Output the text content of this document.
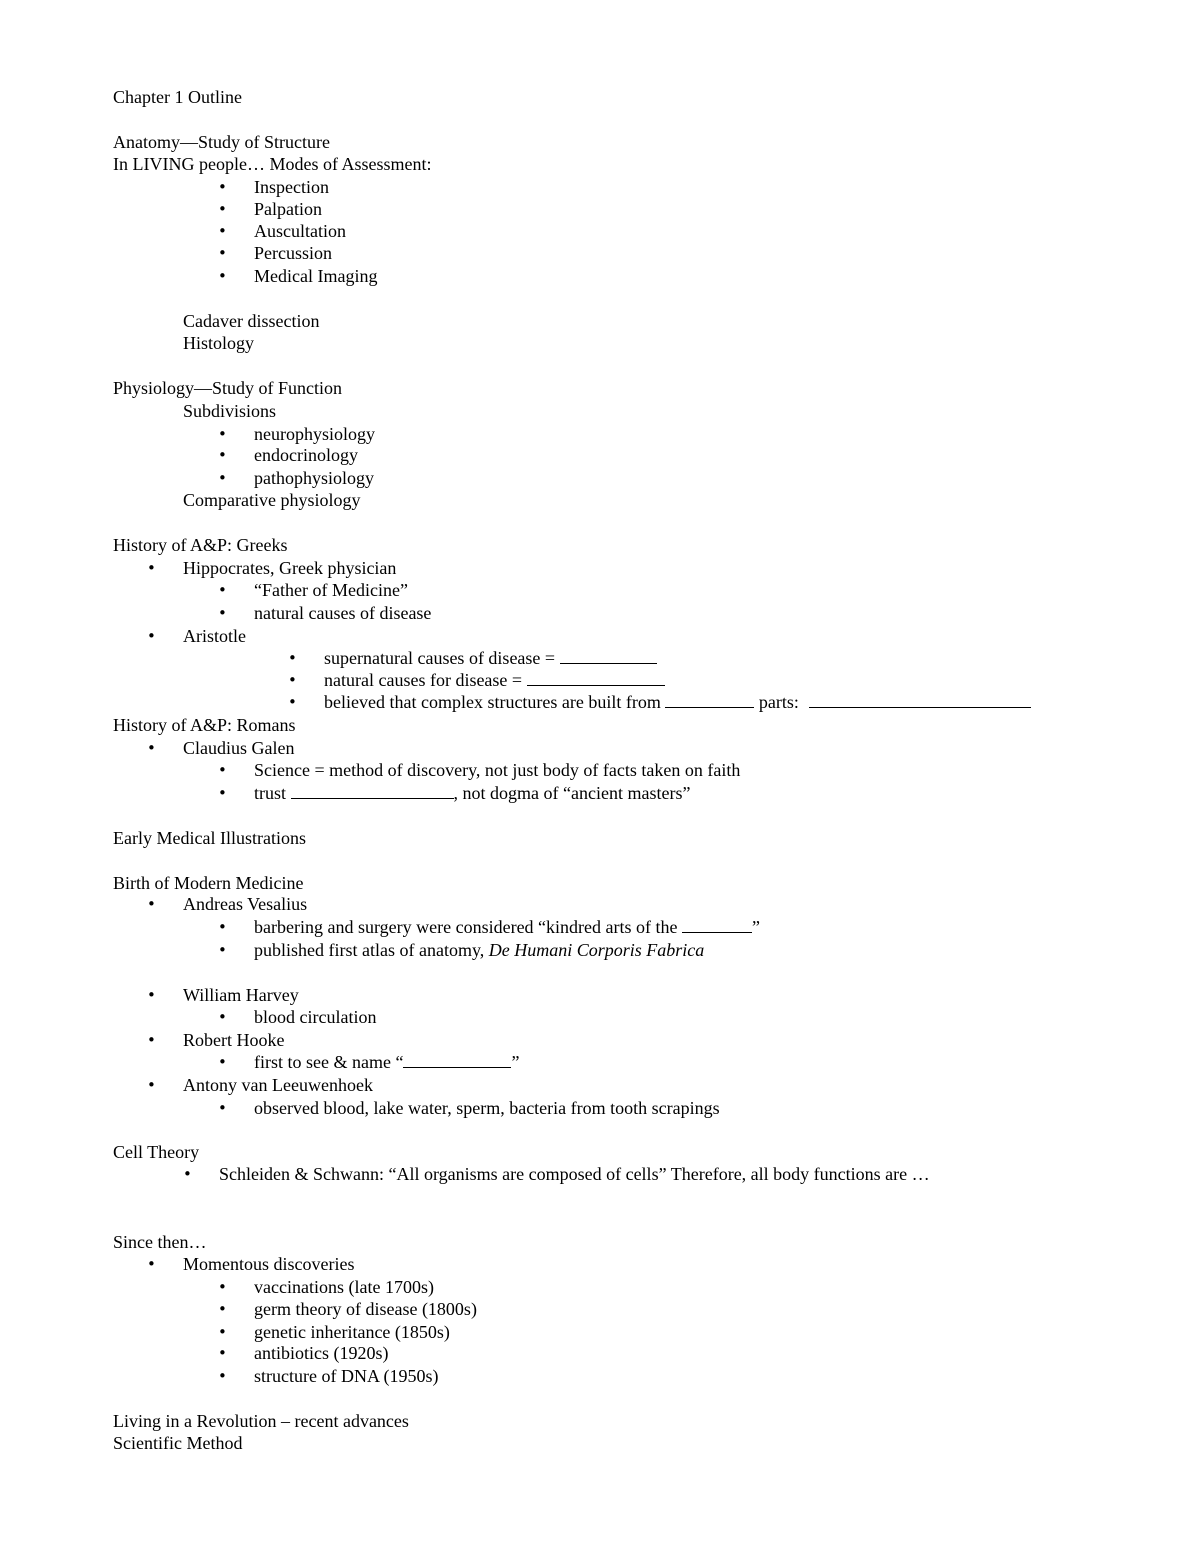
Chapter 1 Outline
Anatomy—Study of Structure
In LIVING people… Modes of Assessment:
• Inspection
• Palpation
• Auscultation
• Percussion
• Medical Imaging
Cadaver dissection
Histology
Physiology—Study of Function
Subdivisions
• neurophysiology
• endocrinology
• pathophysiology
Comparative physiology
History of A&P: Greeks
• Hippocrates, Greek physician
• “Father of Medicine”
• natural causes of disease
• Aristotle
• supernatural causes of disease =
• natural causes for disease =
• believed that complex structures are built from	parts:
History of A&P: Romans
• Claudius Galen
• Science = method of discovery, not just body of facts taken on faith
• trust	, not dogma of “ancient masters”
Early Medical Illustrations
Birth of Modern Medicine
• Andreas Vesalius
• barbering and surgery were considered “kindred arts of the	”
• published first atlas of anatomy, De Humani Corporis Fabrica
• William Harvey
• blood circulation
• Robert Hooke
• first to see & name “	”
• Antony van Leeuwenhoek
• observed blood, lake water, sperm, bacteria from tooth scrapings
Cell Theory
• Schleiden & Schwann: “All organisms are composed of cells” Therefore, all body functions are …
Since then…
• Momentous discoveries
• vaccinations (late 1700s)
• germ theory of disease (1800s)
• genetic inheritance (1850s)
• antibiotics (1920s)
• structure of DNA (1950s)
Living in a Revolution – recent advances
Scientific Method
